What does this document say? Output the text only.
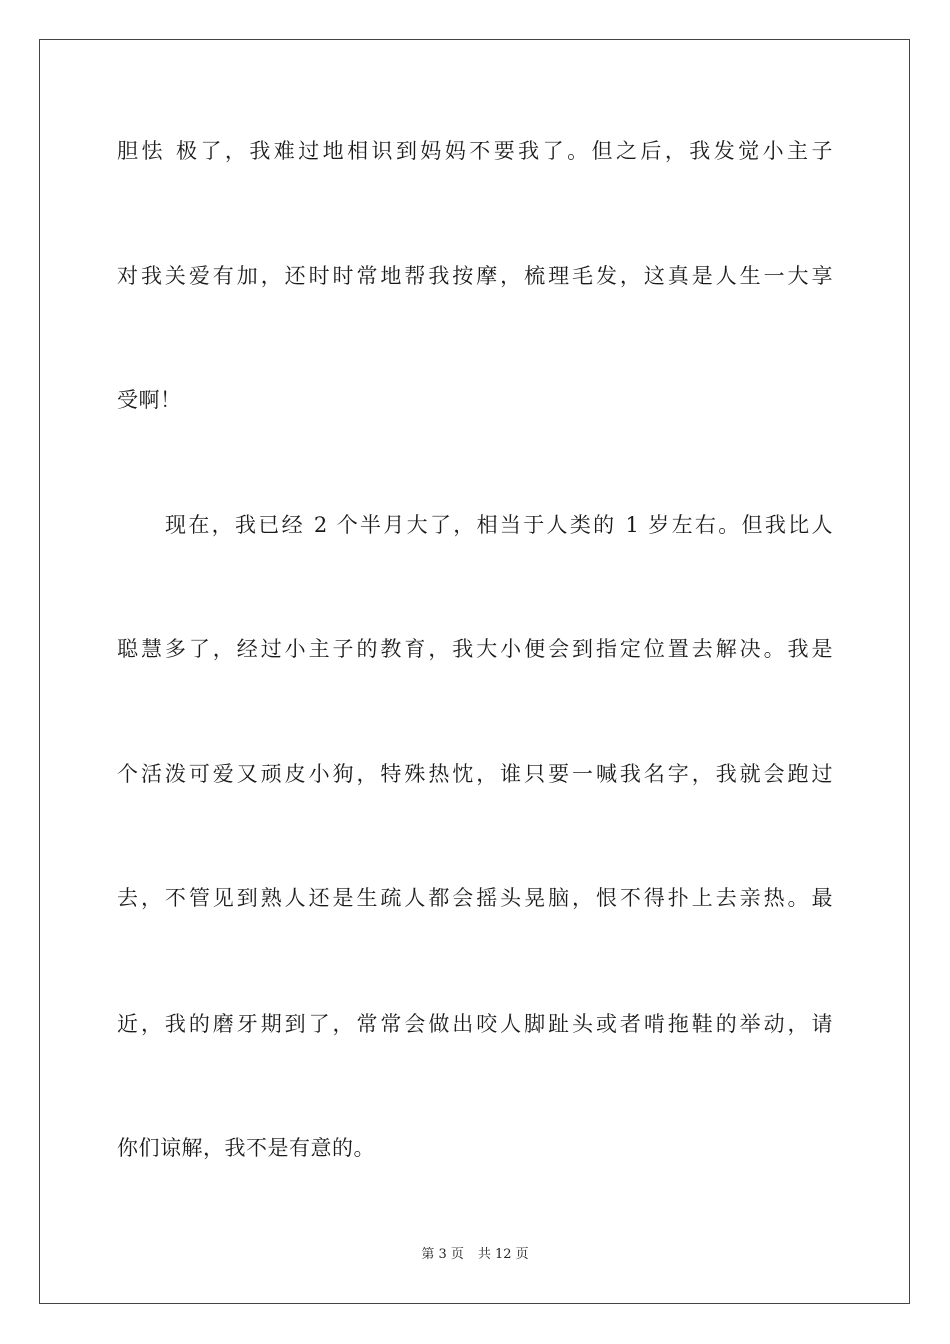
胆怯 极了，我难过地相识到妈妈不要我了。但之后，我发觉小主子
对我关爱有加，还时时常地帮我按摩，梳理毛发，这真是人生一大享
受啊！
现在，我已经 2 个半月大了，相当于人类的 1 岁左右。但我比人
聪慧多了，经过小主子的教育，我大小便会到指定位置去解决。我是
个活泼可爱又顽皮小狗，特殊热忱，谁只要一喊我名字，我就会跑过
去，不管见到熟人还是生疏人都会摇头晃脑，恨不得扑上去亲热。最
近，我的磨牙期到了，常常会做出咬人脚趾头或者啃拖鞋的举动，请
你们谅解，我不是有意的。
第 3 页 共 12 页
